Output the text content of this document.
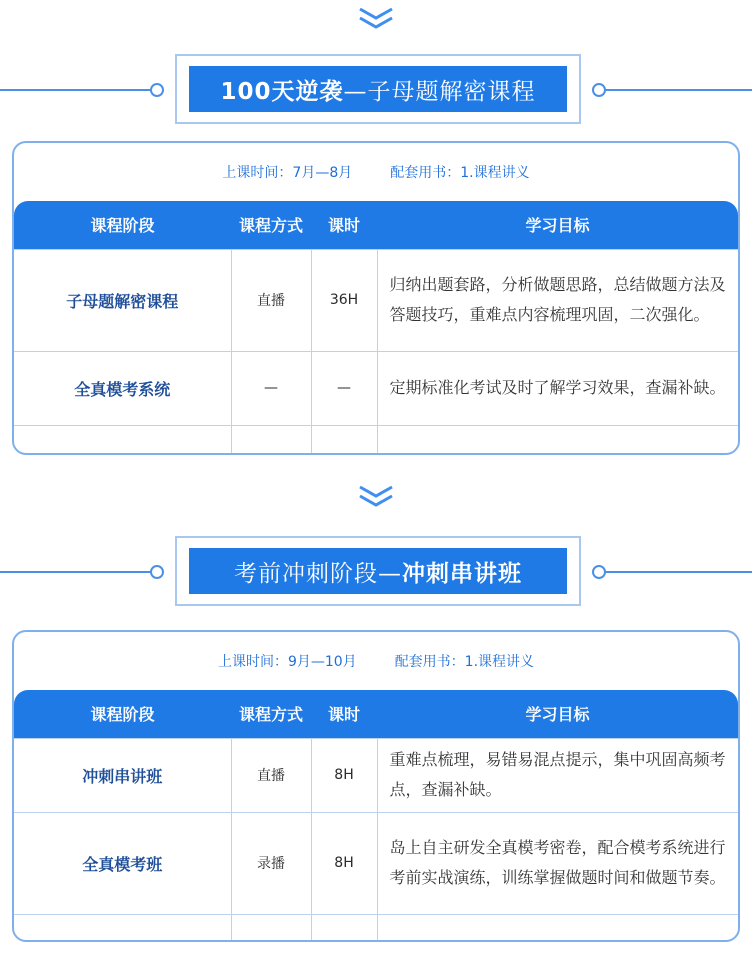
100天逆袭 —子母题解密课程
上课时间：7月—8月	配套用书：1.课程讲义
课程阶段	课程方式	课时	学习目标
子母题解密课程	直播	36H	归纳出题套路，分析做题思路，总结做题方法及答题技巧，重难点内容梳理巩固，二次强化。
全真模考系统	—	—	定期标准化考试及时了解学习效果，查漏补缺。

考前冲刺阶段— 冲刺串讲班
上课时间：9月—10月	配套用书：1.课程讲义
课程阶段	课程方式	课时	学习目标
冲刺串讲班	直播	8H	重难点梳理，易错易混点提示，集中巩固高频考点，查漏补缺。
全真模考班	录播	8H	岛上自主研发全真模考密卷，配合模考系统进行考前实战演练，训练掌握做题时间和做题节奏。
